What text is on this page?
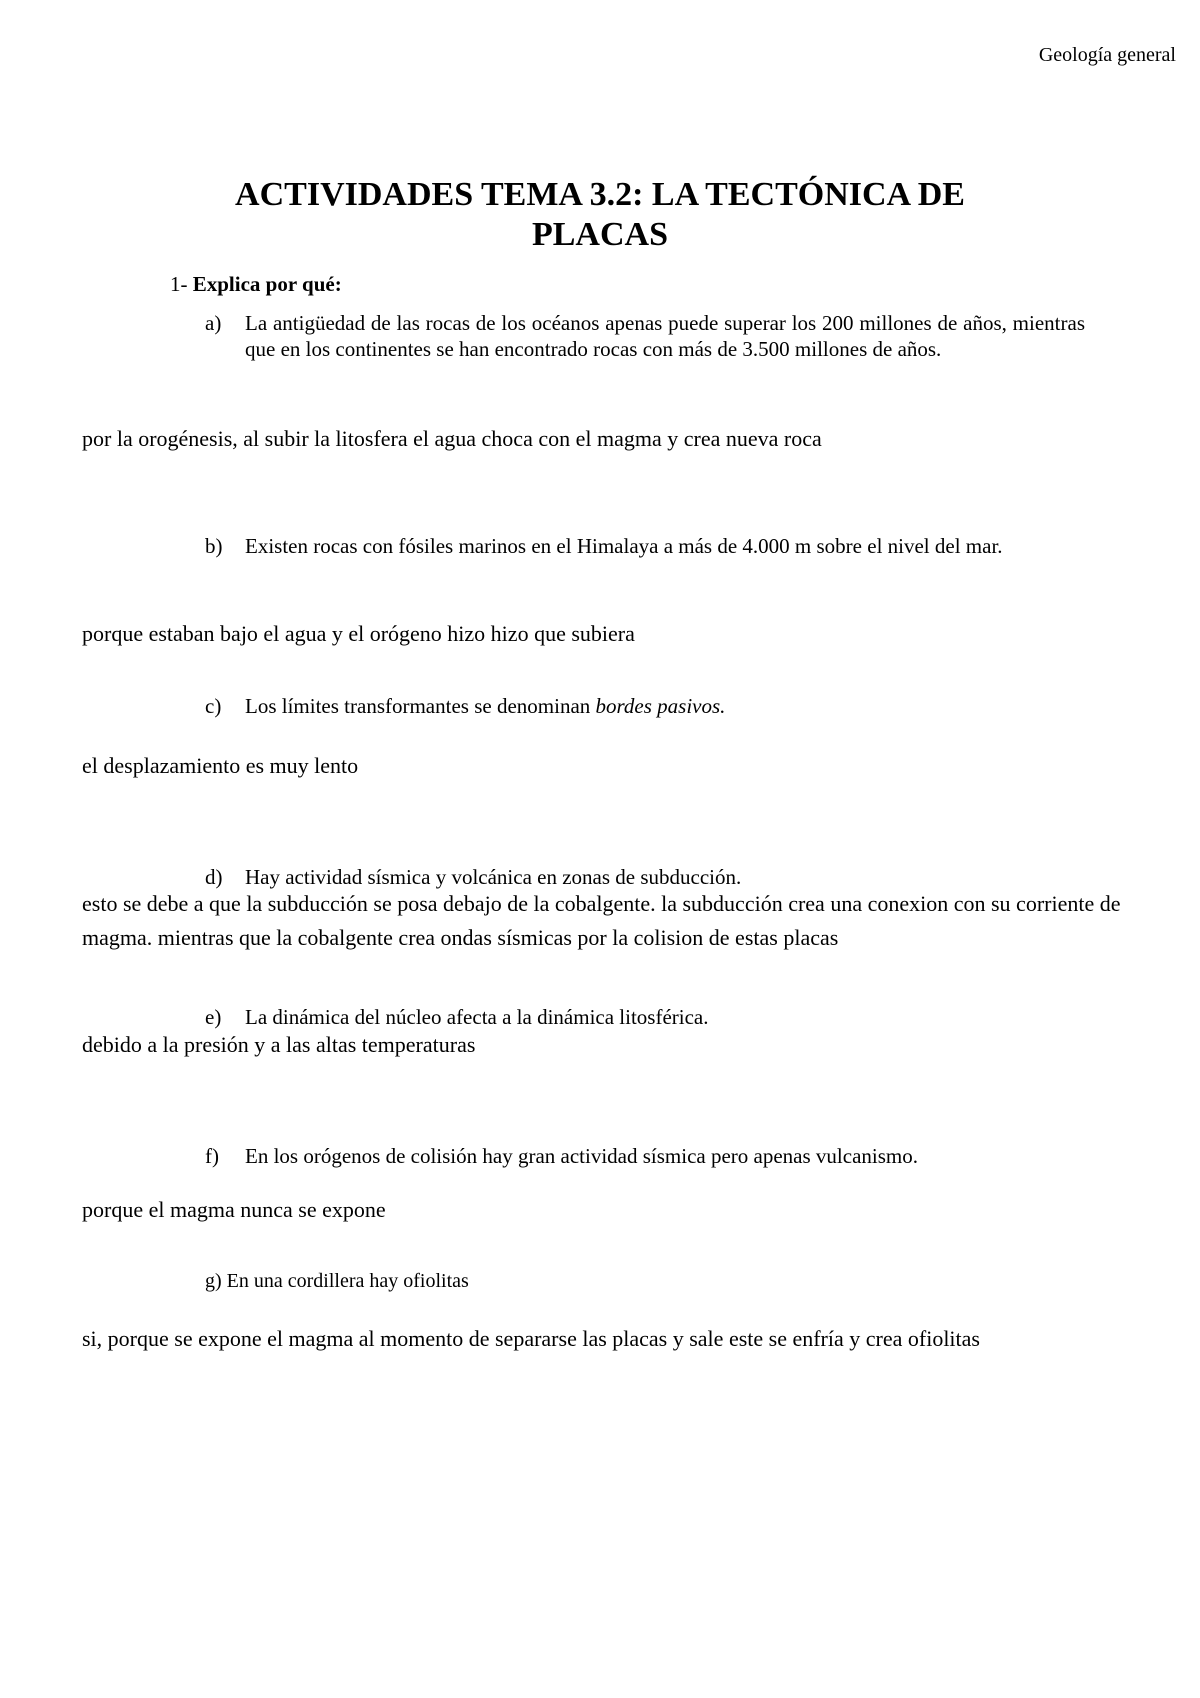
Geología general
ACTIVIDADES TEMA 3.2: LA TECTÓNICA DE
PLACAS
1- Explica por qué:
a)	La antigüedad de las rocas de los océanos apenas puede superar los 200 millones de años, mientras que en los continentes se han encontrado rocas con más de 3.500 millones de años.
por la orogénesis, al subir la litosfera el agua choca con el magma y crea nueva roca
b)	Existen rocas con fósiles marinos en el Himalaya a más de 4.000 m sobre el nivel del mar.
porque estaban bajo el agua y el orógeno hizo hizo que subiera
c)	Los límites transformantes se denominan bordes pasivos.
el desplazamiento es muy lento
d)	Hay actividad sísmica y volcánica en zonas de subducción.
esto se debe a que la subducción se posa debajo de la cobalgente. la subducción crea una conexion con su corriente de magma. mientras que la cobalgente crea ondas sísmicas por la colision de estas placas
e)	La dinámica del núcleo afecta a la dinámica litosférica.
debido a la presión y a las altas temperaturas
f)	En los orógenos de colisión hay gran actividad sísmica pero apenas vulcanismo.
porque el magma nunca se expone
g) En una cordillera hay ofiolitas
si, porque se expone el magma al momento de separarse las placas y sale este se enfría y crea ofiolitas
